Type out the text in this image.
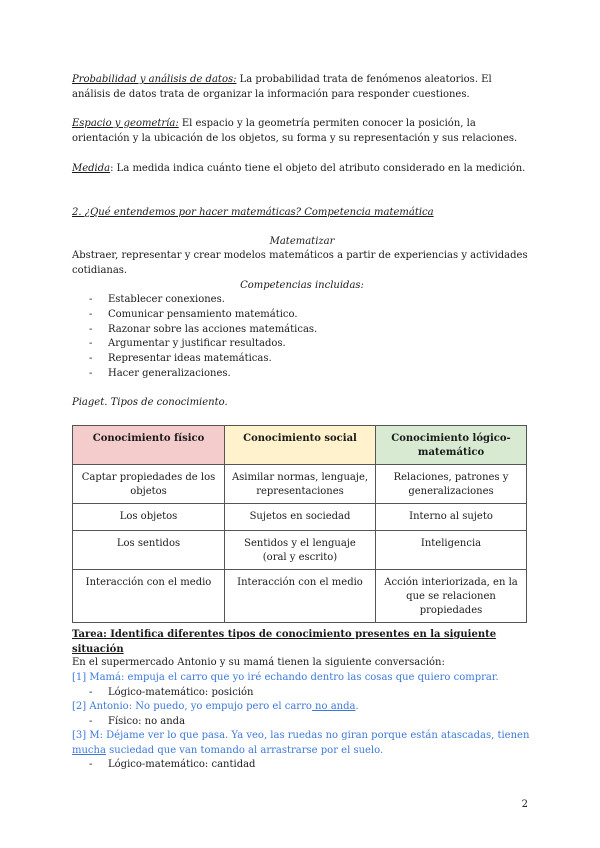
Probabilidad y análisis de datos: La probabilidad trata de fenómenos aleatorios. El análisis de datos trata de organizar la información para responder cuestiones.
Espacio y geometría: El espacio y la geometría permiten conocer la posición, la orientación y la ubicación de los objetos, su forma y su representación y sus relaciones.
Medida: La medida indica cuánto tiene el objeto del atributo considerado en la medición.
2. ¿Qué entendemos por hacer matemáticas? Competencia matemática
Matematizar
Abstraer, representar y crear modelos matemáticos a partir de experiencias y actividades cotidianas.
Competencias incluidas:
- Establecer conexiones.
- Comunicar pensamiento matemático.
- Razonar sobre las acciones matemáticas.
- Argumentar y justificar resultados.
- Representar ideas matemáticas.
- Hacer generalizaciones.
Piaget. Tipos de conocimiento.
Conocimiento físico	Conocimiento social	Conocimiento lógico-matemático
Captar propiedades de los objetos	Asimilar normas, lenguaje, representaciones	Relaciones, patrones y generalizaciones
Los objetos	Sujetos en sociedad	Interno al sujeto
Los sentidos	Sentidos y el lenguaje (oral y escrito)	Inteligencia
Interacción con el medio	Interacción con el medio	Acción interiorizada, en la que se relacionen propiedades
Tarea: Identifica diferentes tipos de conocimiento presentes en la siguiente situación
En el supermercado Antonio y su mamá tienen la siguiente conversación:
[1] Mamá: empuja el carro que yo iré echando dentro las cosas que quiero comprar.
- Lógico-matemático: posición
[2] Antonio: No puedo, yo empujo pero el carro no anda.
- Físico: no anda
[3] M: Déjame ver lo que pasa. Ya veo, las ruedas no giran porque están atascadas, tienen mucha suciedad que van tomando al arrastrarse por el suelo.
- Lógico-matemático: cantidad
2
